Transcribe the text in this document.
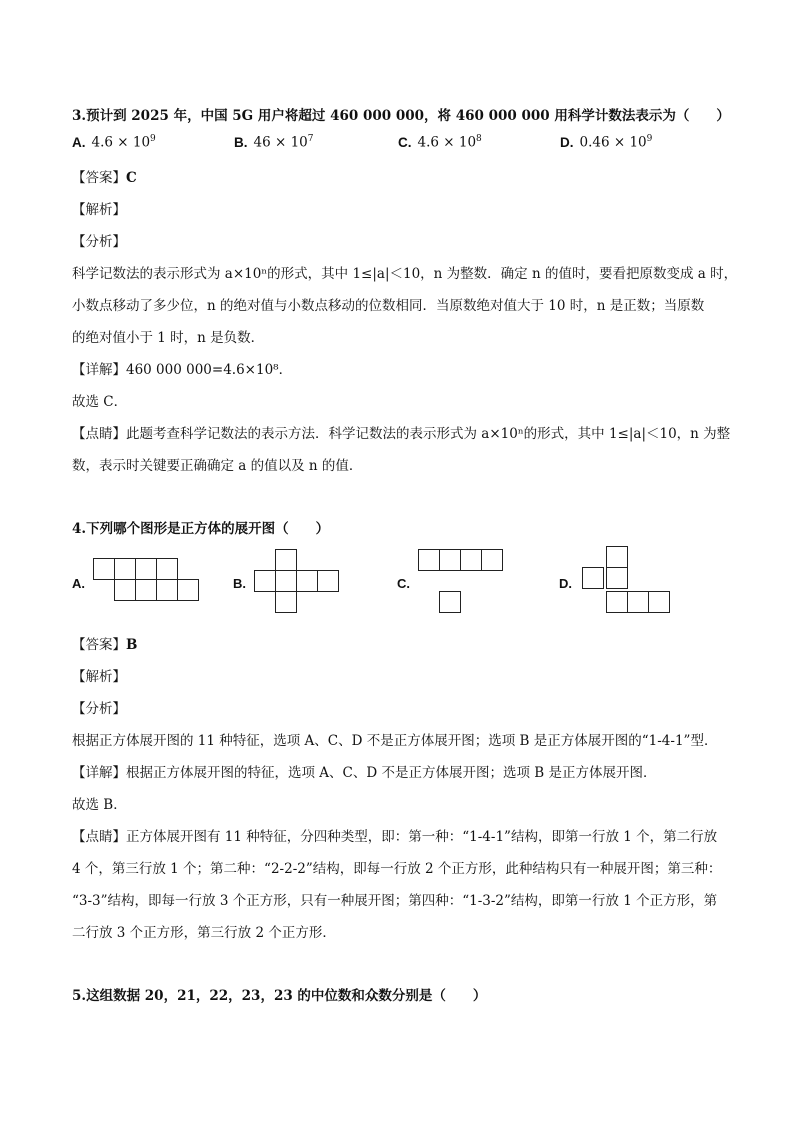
3.预计到 2025 年，中国 5G 用户将超过 460 000 000，将 460 000 000 用科学计数法表示为（　　）
A. $4.6 \times 10^9$	B. $46 \times 10^7$	C. $4.6 \times 10^8$	D. $0.46 \times 10^9$
【答案】C
【解析】
【分析】
科学记数法的表示形式为 a×10ⁿ的形式，其中 1≤|a|＜10，n 为整数．确定 n 的值时，要看把原数变成 a 时，
小数点移动了多少位，n 的绝对值与小数点移动的位数相同．当原数绝对值大于 10 时，n 是正数；当原数
的绝对值小于 1 时，n 是负数．
【详解】460 000 000=4.6×10⁸．
故选 C．
【点睛】此题考查科学记数法的表示方法．科学记数法的表示形式为 a×10ⁿ的形式，其中 1≤|a|＜10，n 为整
数，表示时关键要正确确定 a 的值以及 n 的值．
4.下列哪个图形是正方体的展开图（　　）
A.	B.	C.	D.
【答案】B
【解析】
【分析】
根据正方体展开图的 11 种特征，选项 A、C、D 不是正方体展开图；选项 B 是正方体展开图的“1-4-1”型．
【详解】根据正方体展开图的特征，选项 A、C、D 不是正方体展开图；选项 B 是正方体展开图．
故选 B．
【点睛】正方体展开图有 11 种特征，分四种类型，即：第一种：“1-4-1”结构，即第一行放 1 个，第二行放
4 个，第三行放 1 个；第二种：“2-2-2”结构，即每一行放 2 个正方形，此种结构只有一种展开图；第三种：
“3-3”结构，即每一行放 3 个正方形，只有一种展开图；第四种：“1-3-2”结构，即第一行放 1 个正方形，第
二行放 3 个正方形，第三行放 2 个正方形．
5.这组数据 20，21，22，23，23 的中位数和众数分别是（　　）
